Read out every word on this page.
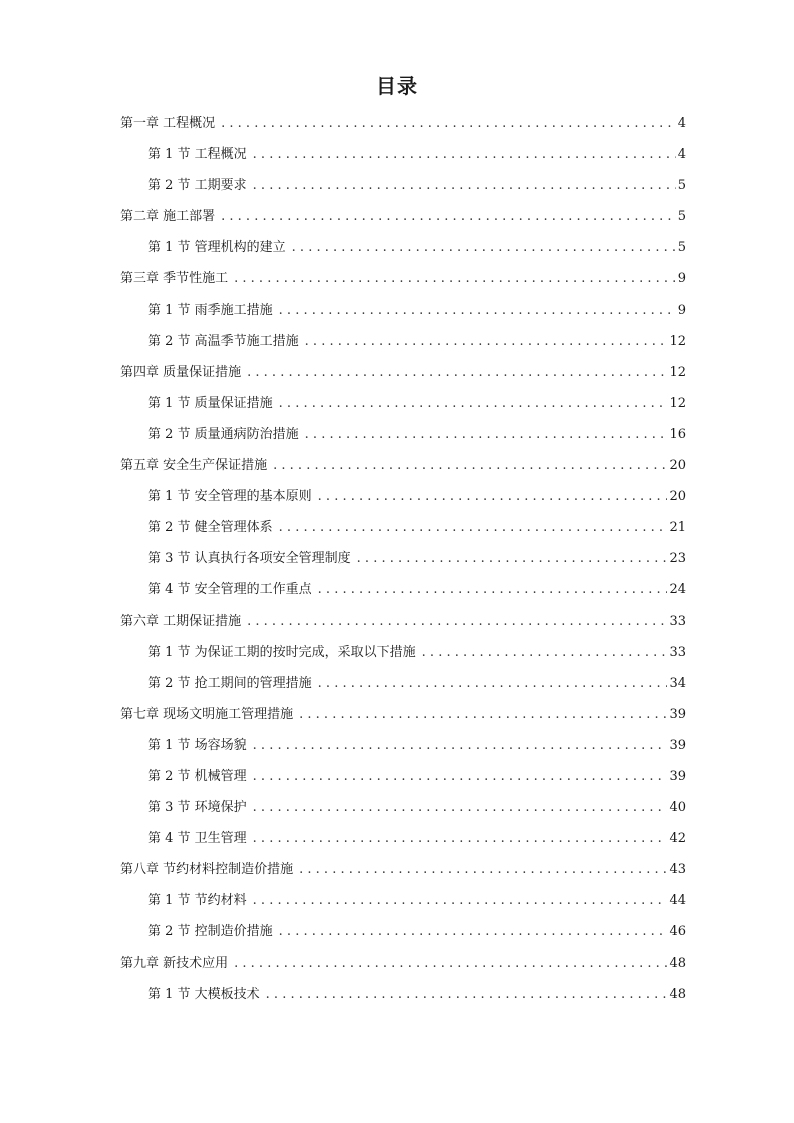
目录
第一章 工程概况 . . .	4
第 1 节 工程概况 . . .	4
第 2 节 工期要求 . . .	5
第二章 施工部署 . . .	5
第 1 节 管理机构的建立 . . .	5
第三章 季节性施工 . . .	9
第 1 节 雨季施工措施 . . .	9
第 2 节 高温季节施工措施 . . .	12
第四章 质量保证措施 . . .	12
第 1 节 质量保证措施 . . .	12
第 2 节 质量通病防治措施 . . .	16
第五章 安全生产保证措施 . . .	20
第 1 节 安全管理的基本原则 . . .	20
第 2 节 健全管理体系 . . .	21
第 3 节 认真执行各项安全管理制度 . . .	23
第 4 节 安全管理的工作重点 . . .	24
第六章 工期保证措施 . . .	33
第 1 节 为保证工期的按时完成，采取以下措施 . . .	33
第 2 节 抢工期间的管理措施 . . .	34
第七章 现场文明施工管理措施 . . .	39
第 1 节 场容场貌 . . .	39
第 2 节 机械管理 . . .	39
第 3 节 环境保护 . . .	40
第 4 节 卫生管理 . . .	42
第八章 节约材料控制造价措施 . . .	43
第 1 节 节约材料 . . .	44
第 2 节 控制造价措施 . . .	46
第九章 新技术应用 . . .	48
第 1 节 大模板技术 . . .	48
